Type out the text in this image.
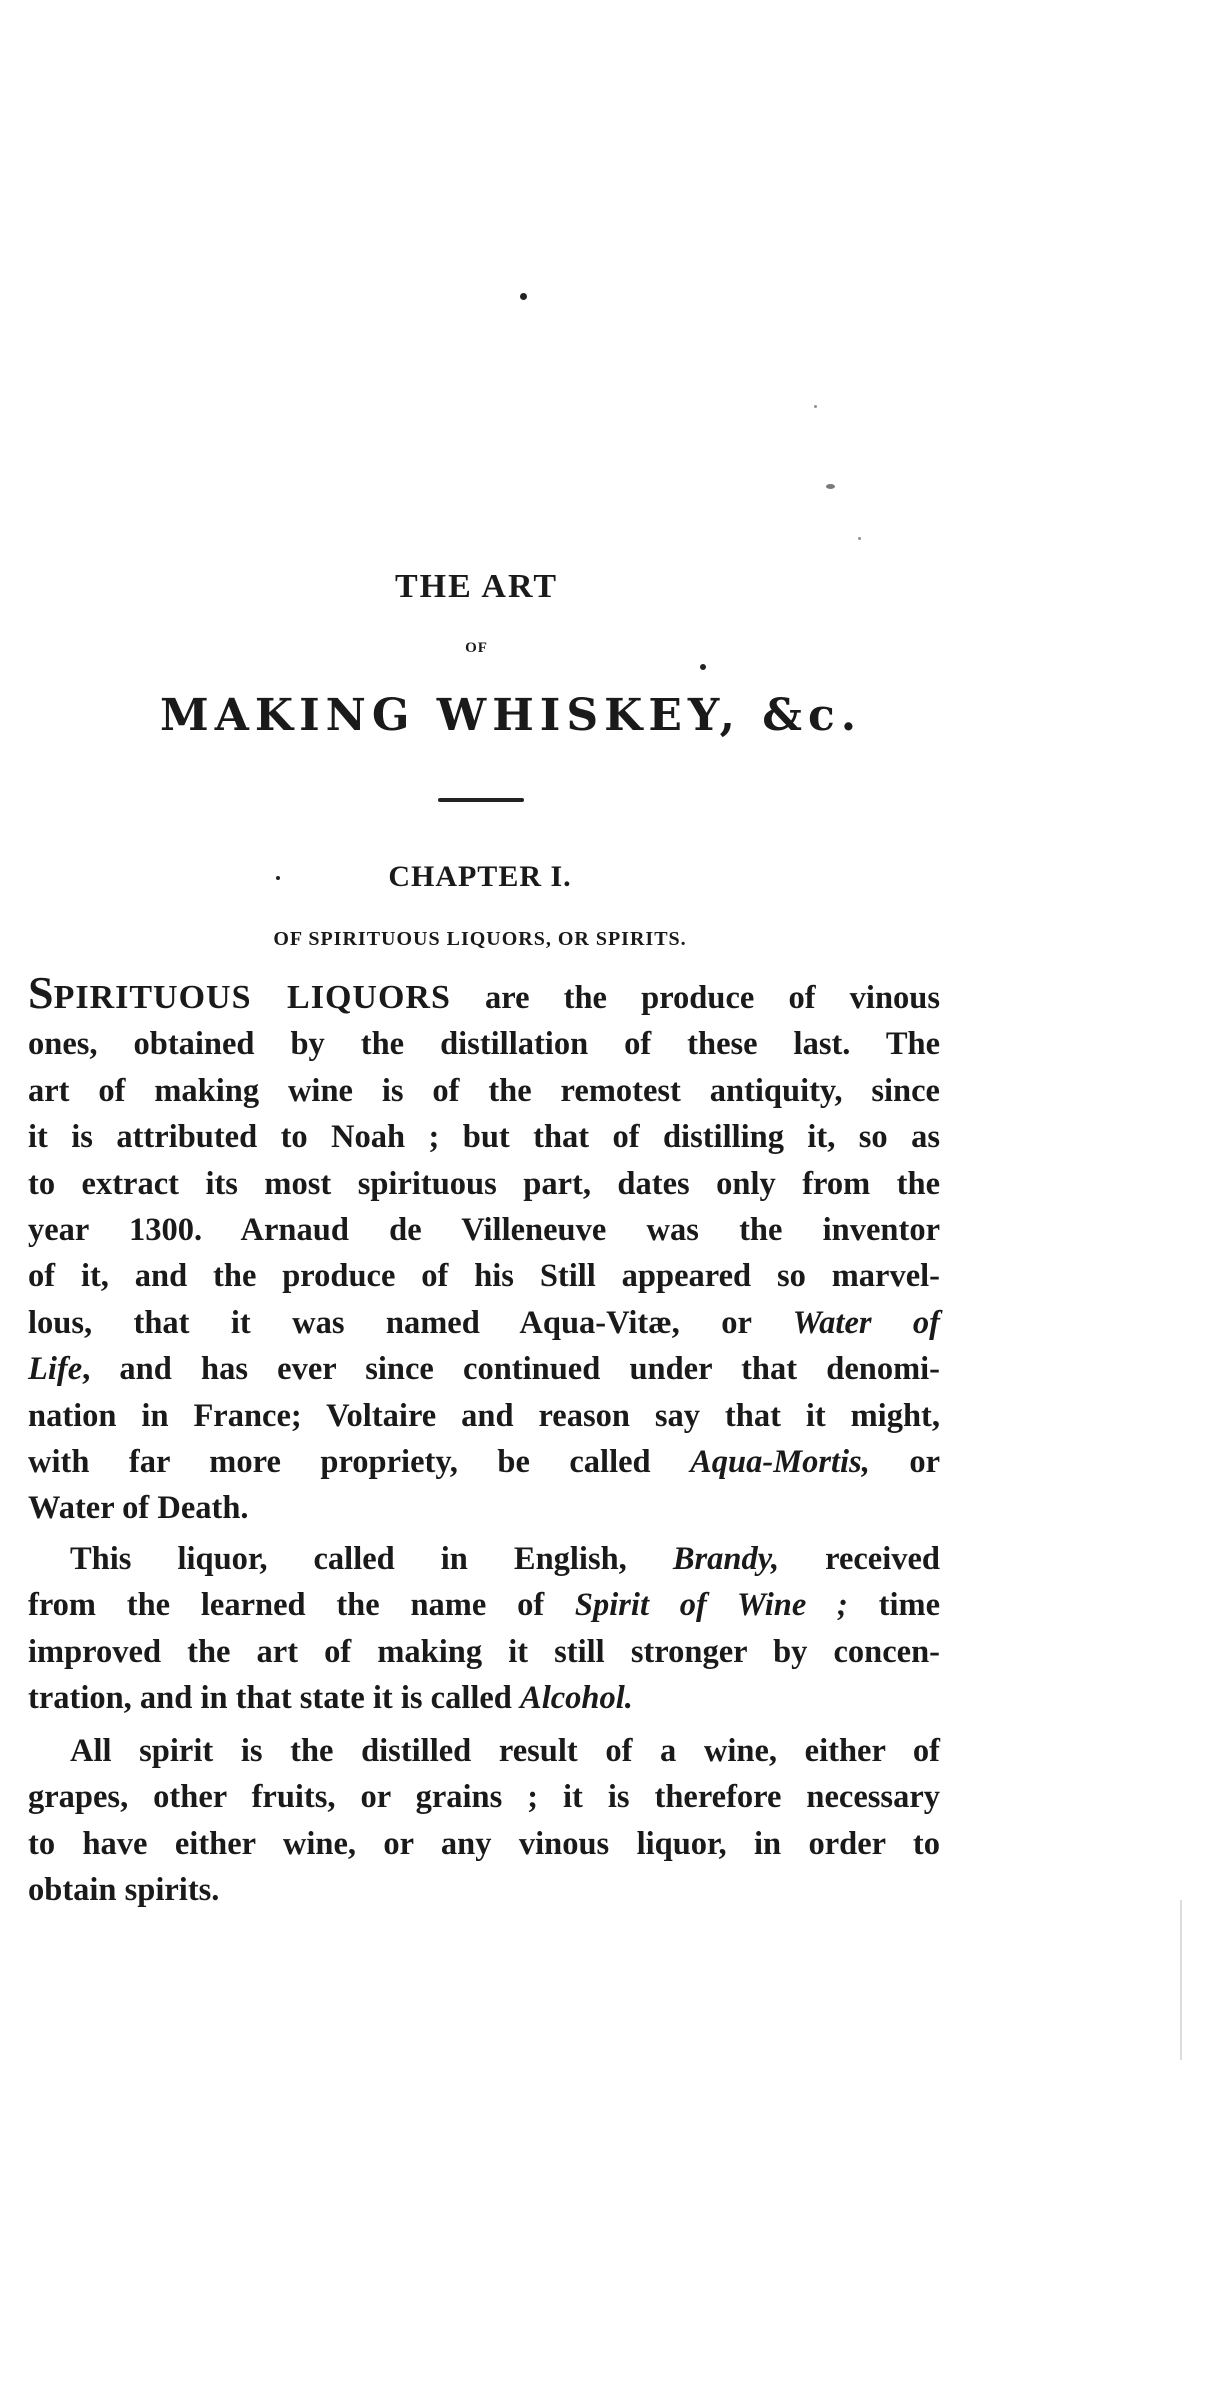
THE ART
OF
MAKING WHISKEY, &c.
CHAPTER I.
OF SPIRITUOUS LIQUORS, OR SPIRITS.
SPIRITUOUS LIQUORS are the produce of vinous
ones, obtained by the distillation of these last. The
art of making wine is of the remotest antiquity, since
it is attributed to Noah ; but that of distilling it, so as
to extract its most spirituous part, dates only from the
year 1300. Arnaud de Villeneuve was the inventor
of it, and the produce of his Still appeared so marvel-
lous, that it was named Aqua-Vitæ, or Water of
Life, and has ever since continued under that denomi-
nation in France; Voltaire and reason say that it might,
with far more propriety, be called Aqua-Mortis, or
Water of Death.
This liquor, called in English, Brandy, received
from the learned the name of Spirit of Wine ; time
improved the art of making it still stronger by concen-
tration, and in that state it is called Alcohol.
All spirit is the distilled result of a wine, either of
grapes, other fruits, or grains ; it is therefore necessary
to have either wine, or any vinous liquor, in order to
obtain spirits.
